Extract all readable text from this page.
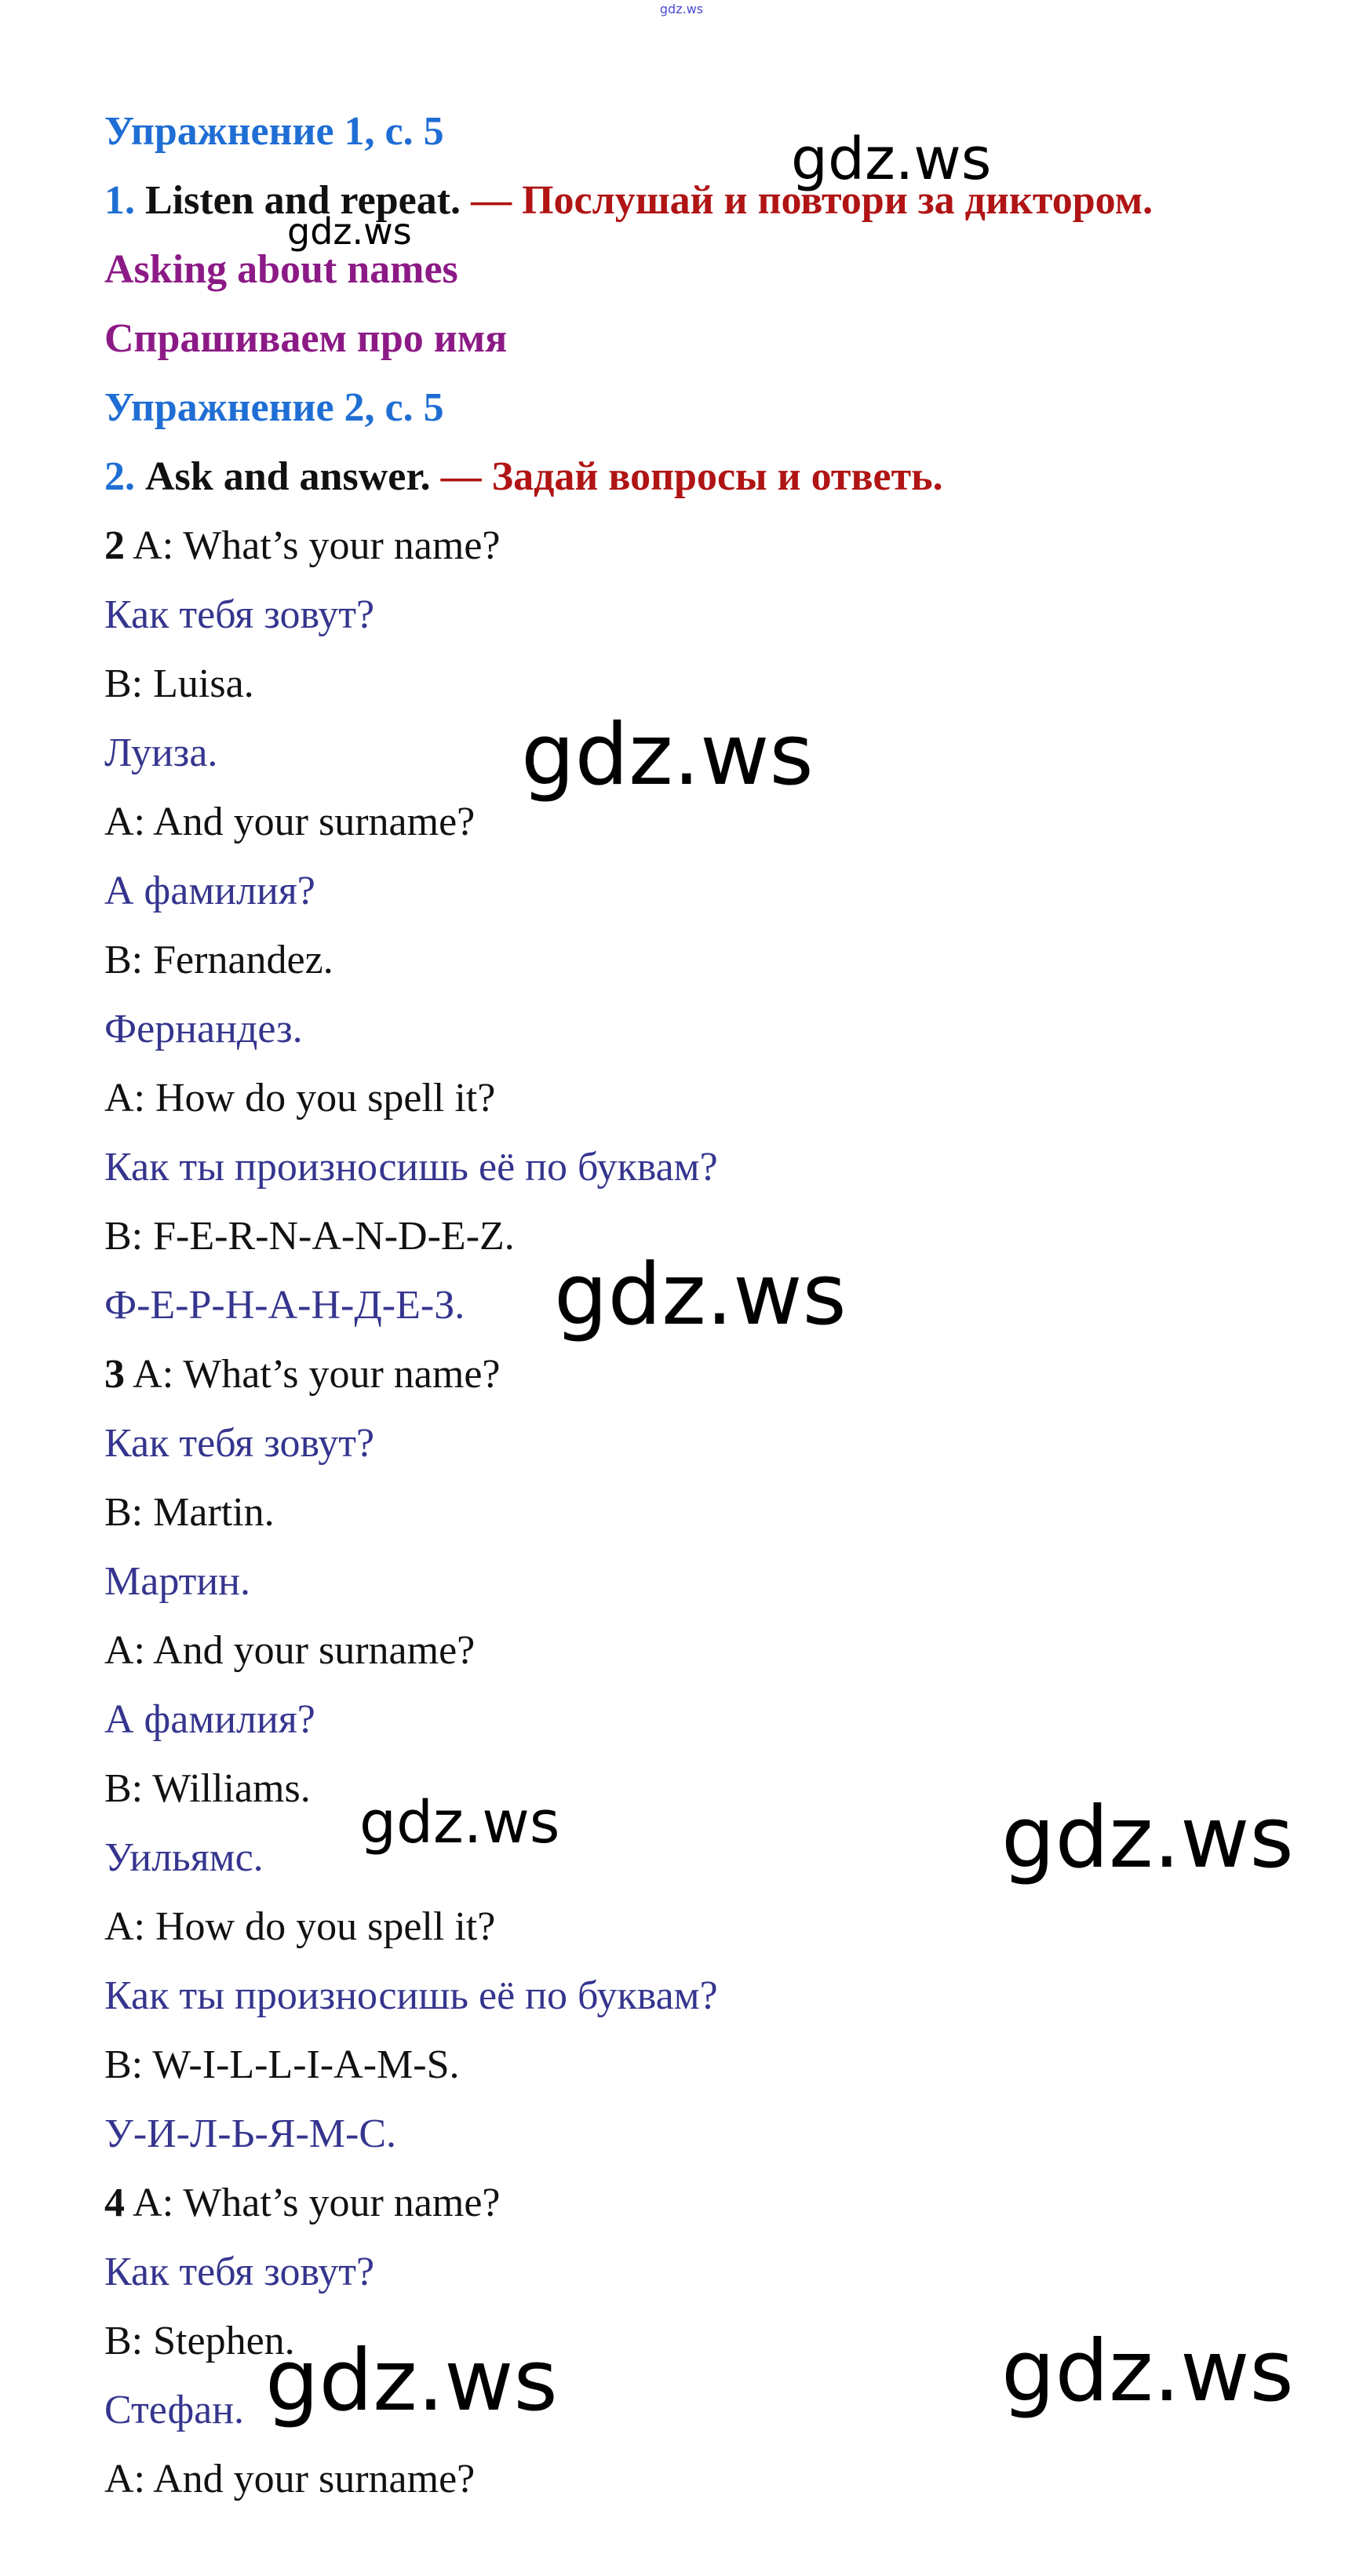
gdz.ws
Упражнение 1, с. 5
1. Listen and repeat. — Послушай и повтори за диктором.
Asking about names
Спрашиваем про имя
Упражнение 2, с. 5
2. Ask and answer. — Задай вопросы и ответь.
2 A: What’s your name?
Как тебя зовут?
B: Luisa.
Луиза.
A: And your surname?
А фамилия?
B: Fernandez.
Фернандез.
A: How do you spell it?
Как ты произносишь её по буквам?
B: F-E-R-N-A-N-D-E-Z.
Ф-Е-Р-Н-А-Н-Д-Е-З.
3 A: What’s your name?
Как тебя зовут?
B: Martin.
Мартин.
A: And your surname?
А фамилия?
B: Williams.
Уильямс.
A: How do you spell it?
Как ты произносишь её по буквам?
B: W-I-L-L-I-A-M-S.
У-И-Л-Ь-Я-М-С.
4 A: What’s your name?
Как тебя зовут?
B: Stephen.
Стефан.
A: And your surname?
gdz.ws
gdz.ws
gdz.ws
gdz.ws
gdz.ws	gdz.ws
gdz.ws	gdz.ws
